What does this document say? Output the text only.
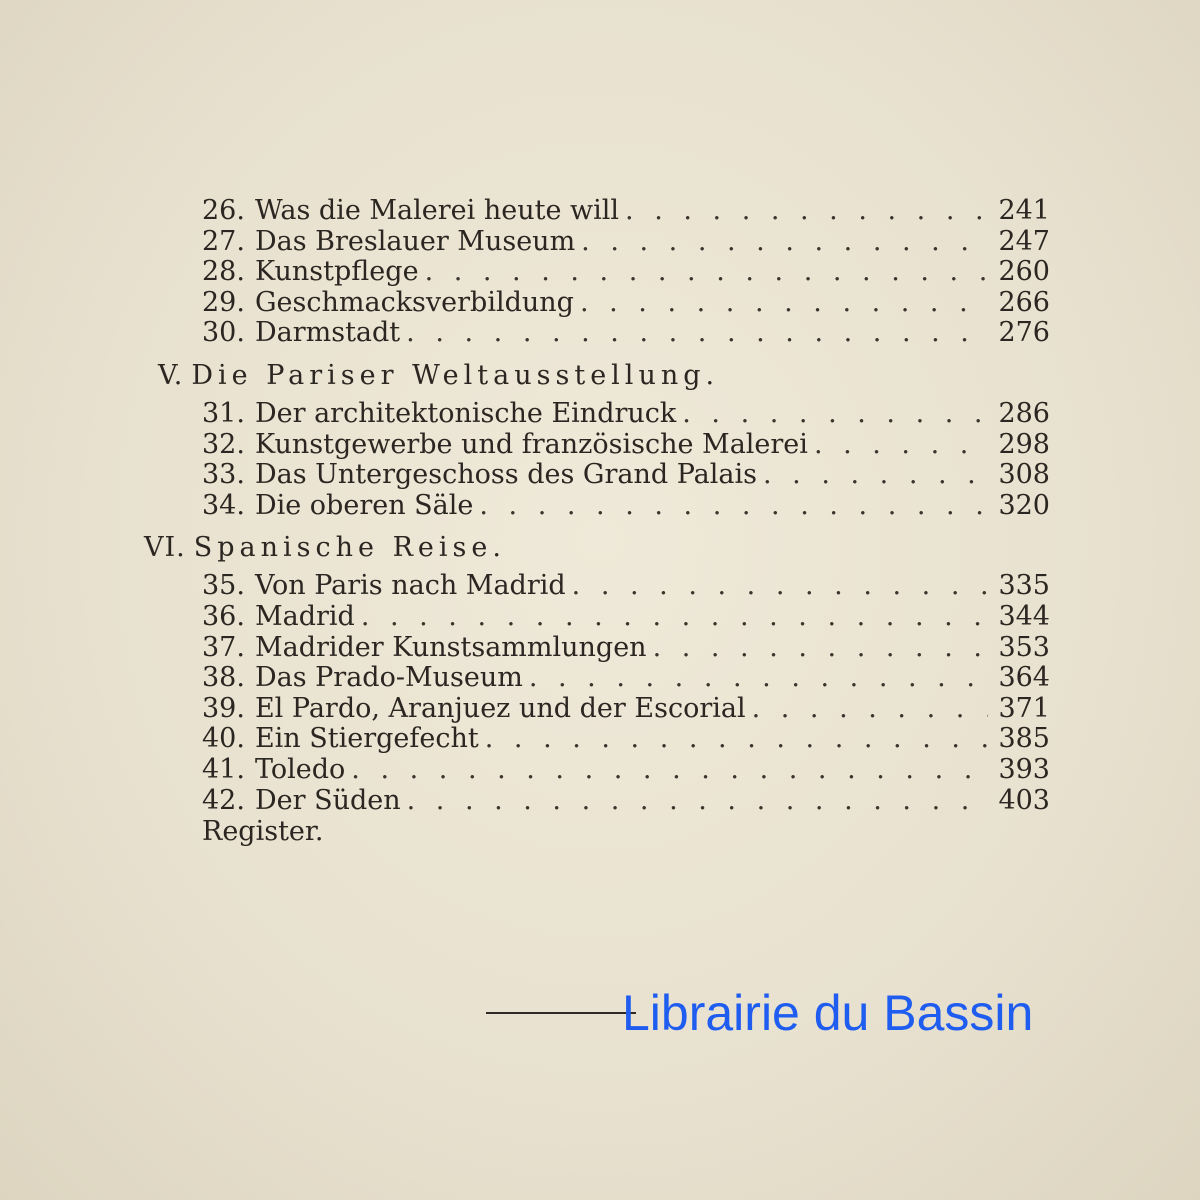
26. Was die Malerei heute will . . .	241
27. Das Breslauer Museum . . .	247
28. Kunstpflege . . .	260
29. Geschmacksverbildung . . .	266
30. Darmstadt . . .	276
V. Die Pariser Weltausstellung.
31. Der architektonische Eindruck . . .	286
32. Kunstgewerbe und französische Malerei . . .	298
33. Das Untergeschoss des Grand Palais . . .	308
34. Die oberen Säle . . .	320
VI. Spanische Reise.
35. Von Paris nach Madrid . . .	335
36. Madrid . . .	344
37. Madrider Kunstsammlungen . . .	353
38. Das Prado-Museum . . .	364
39. El Pardo, Aranjuez und der Escorial . . .	371
40. Ein Stiergefecht . . .	385
41. Toledo . . .	393
42. Der Süden . . .	403
Register.
Librairie du Bassin
